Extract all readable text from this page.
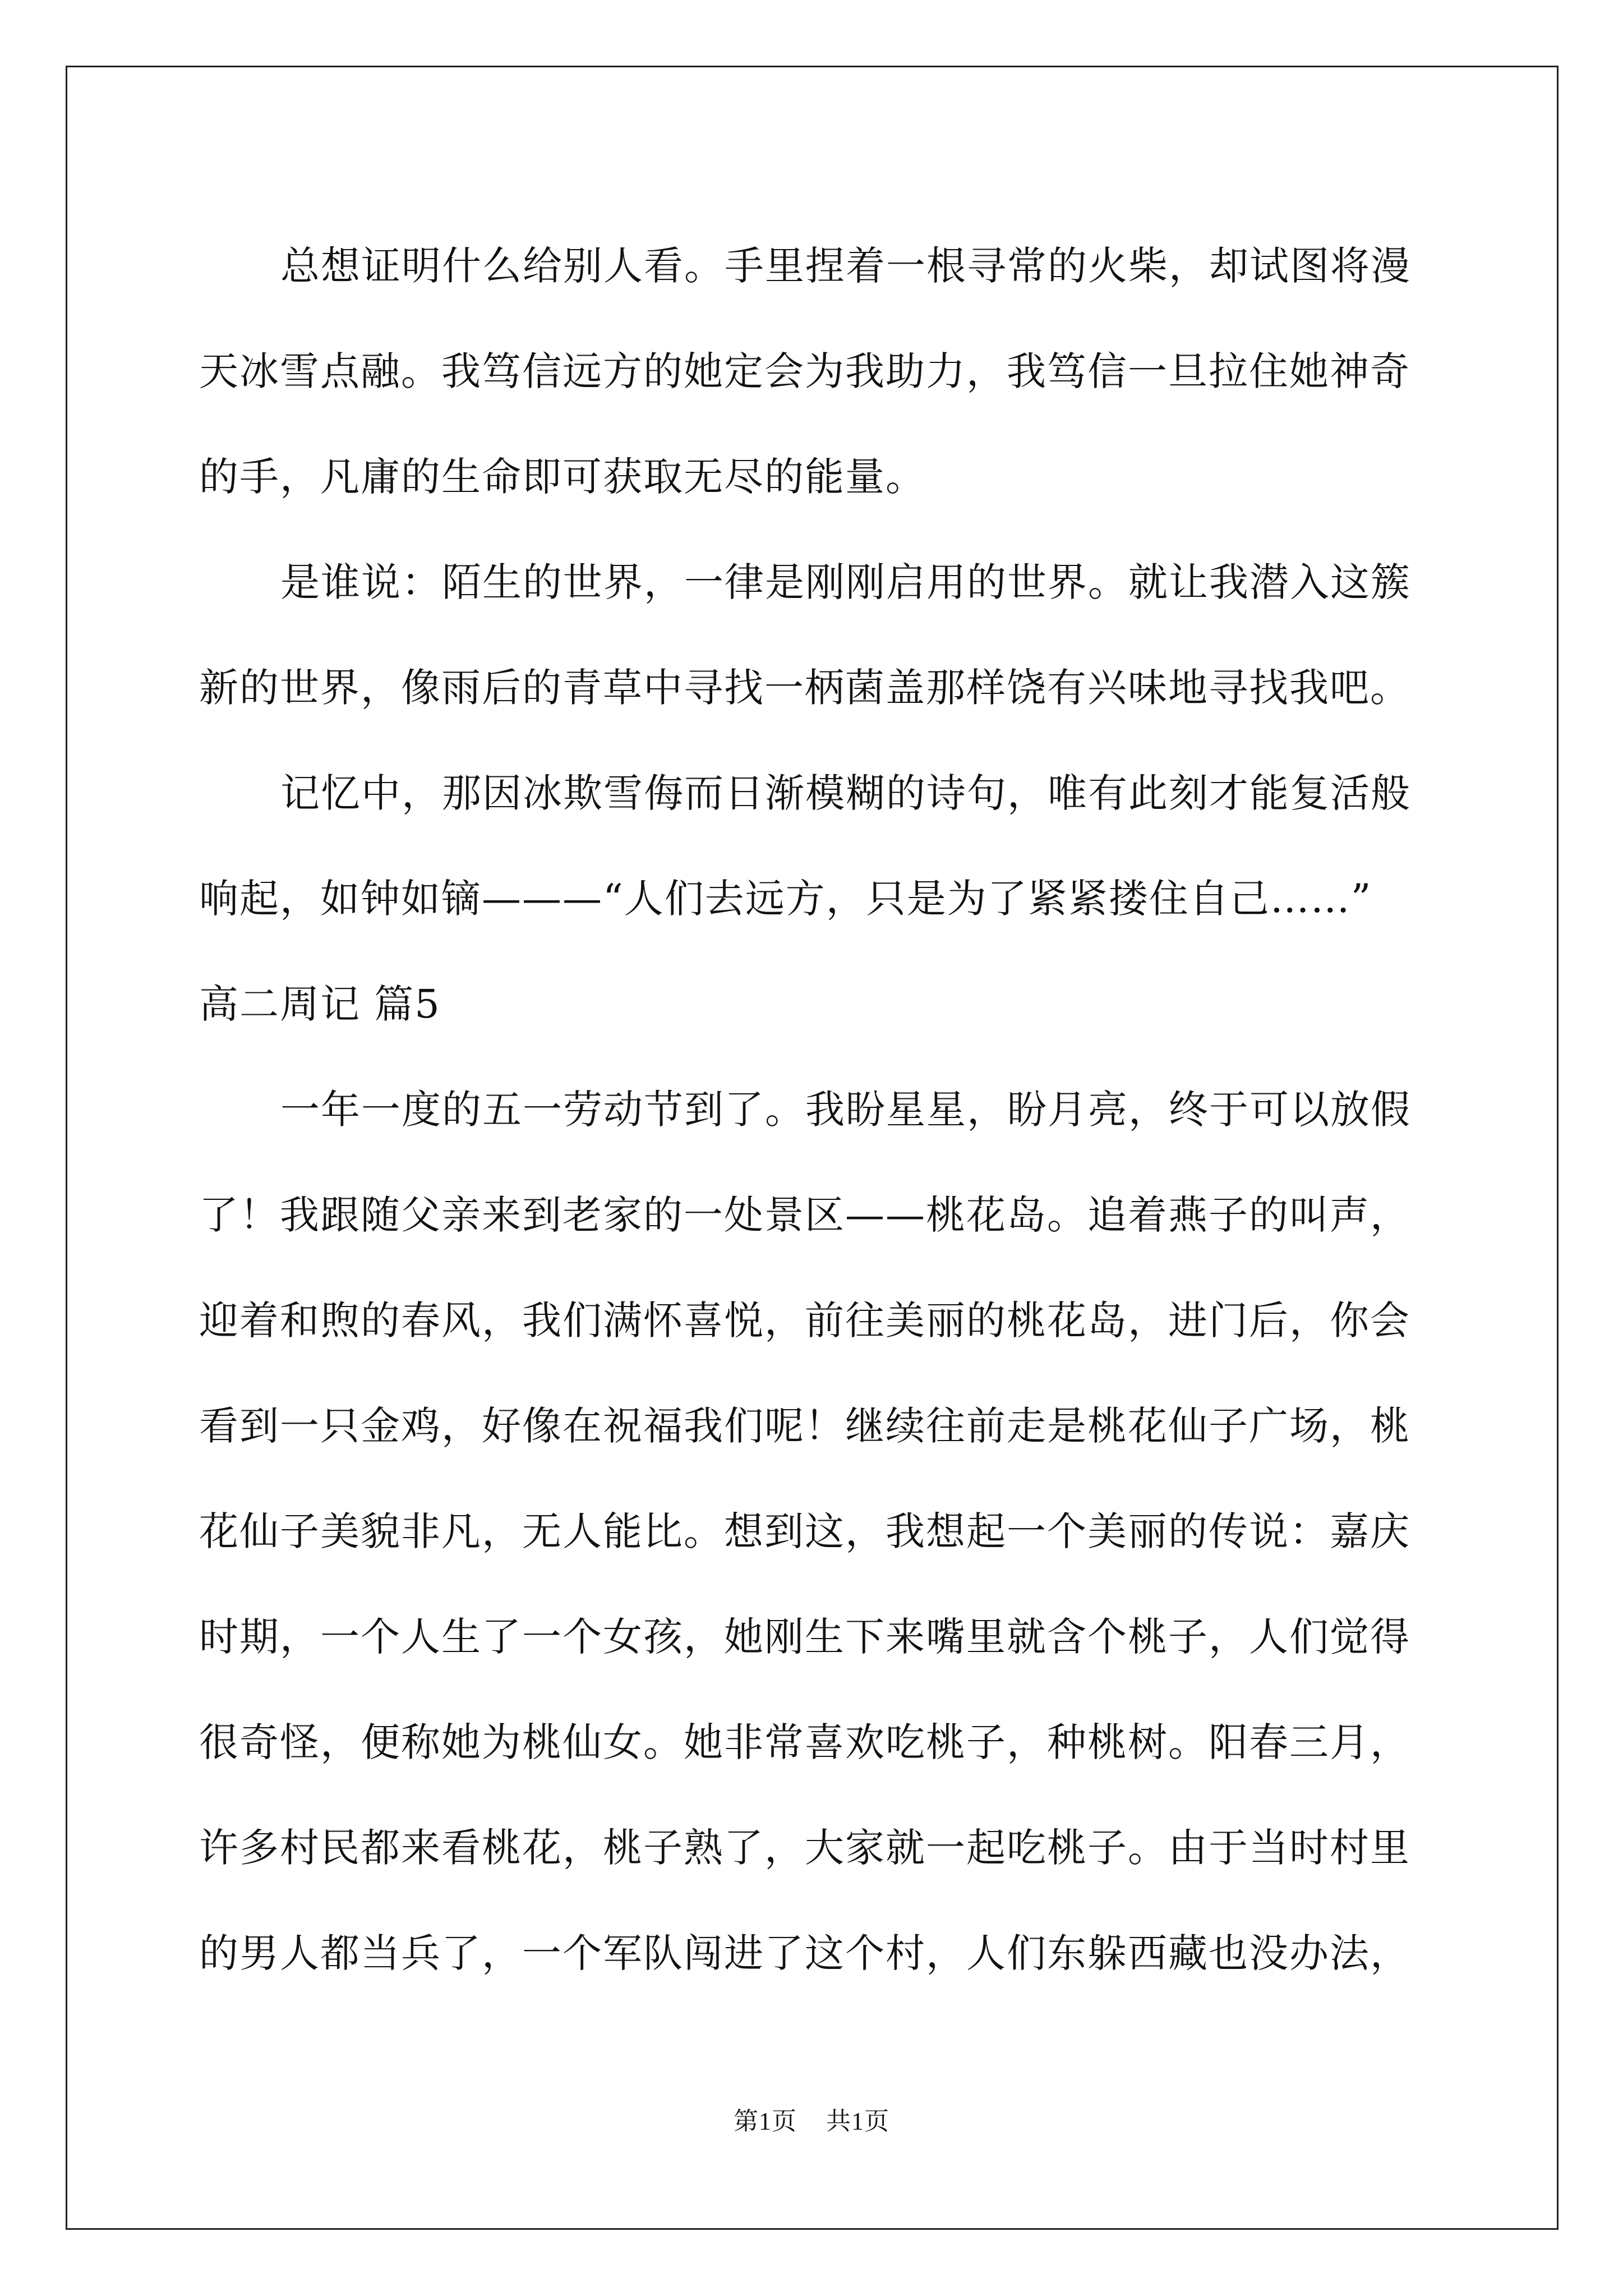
总想证明什么给别人看。手里捏着一根寻常的火柴，却试图将漫
天冰雪点融。我笃信远方的她定会为我助力，我笃信一旦拉住她神奇
的手，凡庸的生命即可获取无尽的能量。
是谁说：陌生的世界，一律是刚刚启用的世界。就让我潜入这簇
新的世界，像雨后的青草中寻找一柄菌盖那样饶有兴味地寻找我吧。
记忆中，那因冰欺雪侮而日渐模糊的诗句，唯有此刻才能复活般
响起，如钟如镝———“人们去远方，只是为了紧紧搂住自己……”
高二周记 篇5
一年一度的五一劳动节到了。我盼星星，盼月亮，终于可以放假
了！我跟随父亲来到老家的一处景区——桃花岛。追着燕子的叫声，
迎着和煦的春风，我们满怀喜悦，前往美丽的桃花岛，进门后，你会
看到一只金鸡，好像在祝福我们呢！继续往前走是桃花仙子广场，桃
花仙子美貌非凡，无人能比。想到这，我想起一个美丽的传说：嘉庆
时期，一个人生了一个女孩，她刚生下来嘴里就含个桃子，人们觉得
很奇怪，便称她为桃仙女。她非常喜欢吃桃子，种桃树。阳春三月，
许多村民都来看桃花，桃子熟了，大家就一起吃桃子。由于当时村里
的男人都当兵了，一个军队闯进了这个村，人们东躲西藏也没办法，
第1页 共1页
